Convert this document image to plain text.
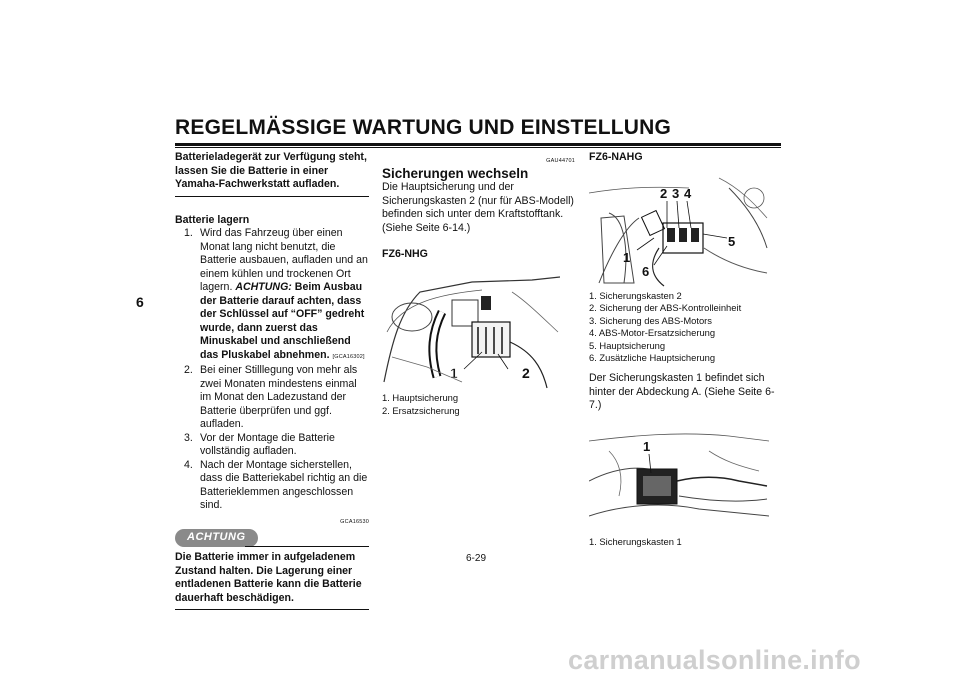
REGELMÄSSIGE WARTUNG UND EINSTELLUNG
6
Batterieladegerät zur Verfügung steht, lassen Sie die Batterie in einer Yamaha-Fachwerkstatt aufladen.
Batterie lagern
1. Wird das Fahrzeug über einen Monat lang nicht benutzt, die Batterie ausbauen, aufladen und an einem kühlen und trockenen Ort lagern. ACHTUNG: Beim Ausbau der Batterie darauf achten, dass der Schlüssel auf “OFF” gedreht wurde, dann zuerst das Minuskabel und anschließend das Pluskabel abnehmen. [GCA16302]
2. Bei einer Stilllegung von mehr als zwei Monaten mindestens einmal im Monat den Ladezustand der Batterie überprüfen und ggf. aufladen.
3. Vor der Montage die Batterie vollständig aufladen.
4. Nach der Montage sicherstellen, dass die Batteriekabel richtig an die Batterieklemmen angeschlossen sind.
GCA16530
ACHTUNG
Die Batterie immer in aufgeladenem Zustand halten. Die Lagerung einer entladenen Batterie kann die Batterie dauerhaft beschädigen.
GAU44701
Sicherungen wechseln
Die Hauptsicherung und der Sicherungskasten 2 (nur für ABS-Modell) befinden sich unter dem Kraftstofftank. (Siehe Seite 6-14.)
FZ6-NHG
1	2
1. Hauptsicherung
2. Ersatzsicherung
FZ6-NAHG
2 3 4
1
5
6
1. Sicherungskasten 2
2. Sicherung der ABS-Kontrolleinheit
3. Sicherung des ABS-Motors
4. ABS-Motor-Ersatzsicherung
5. Hauptsicherung
6. Zusätzliche Hauptsicherung
Der Sicherungskasten 1 befindet sich hinter der Abdeckung A. (Siehe Seite 6-7.)
1
1. Sicherungskasten 1
6-29
carmanualsonline.info
